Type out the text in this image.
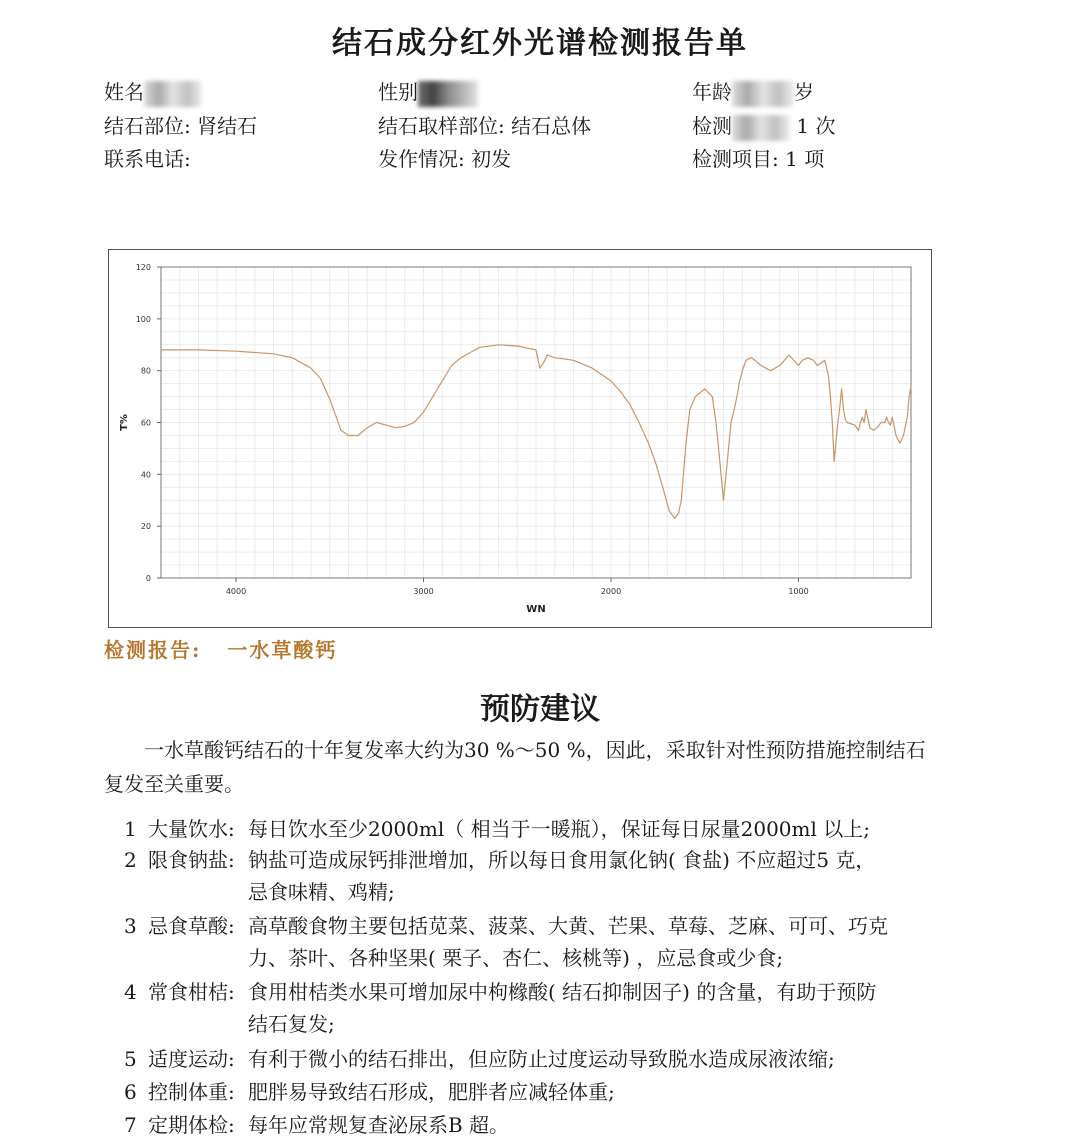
结石成分红外光谱检测报告单
姓名	性别	年龄	岁
结石部位: 肾结石	结石取样部位: 结石总体	检测	1 次
联系电话:	发作情况: 初发	检测项目: 1 项
0
20
40
60
80
100
120
4000	3000	2000	1000
WN
T%
检测报告: 一水草酸钙
预防建议
一水草酸钙结石的十年复发率大约为30 %～50 %，因此，采取针对性预防措施控制结石复发至关重要。
1 大量饮水: 每日饮水至少2000ml（ 相当于一暖瓶），保证每日尿量2000ml 以上;
2 限食钠盐: 钠盐可造成尿钙排泄增加，所以每日食用氯化钠( 食盐) 不应超过5 克，
忌食味精、鸡精;
3 忌食草酸: 高草酸食物主要包括苋菜、菠菜、大黄、芒果、草莓、芝麻、可可、巧克
力、茶叶、各种坚果( 栗子、杏仁、核桃等) ，应忌食或少食;
4 常食柑桔: 食用柑桔类水果可增加尿中枸橼酸( 结石抑制因子) 的含量，有助于预防
结石复发;
5 适度运动: 有利于微小的结石排出，但应防止过度运动导致脱水造成尿液浓缩;
6 控制体重: 肥胖易导致结石形成，肥胖者应减轻体重;
7 定期体检: 每年应常规复查泌尿系B 超。
